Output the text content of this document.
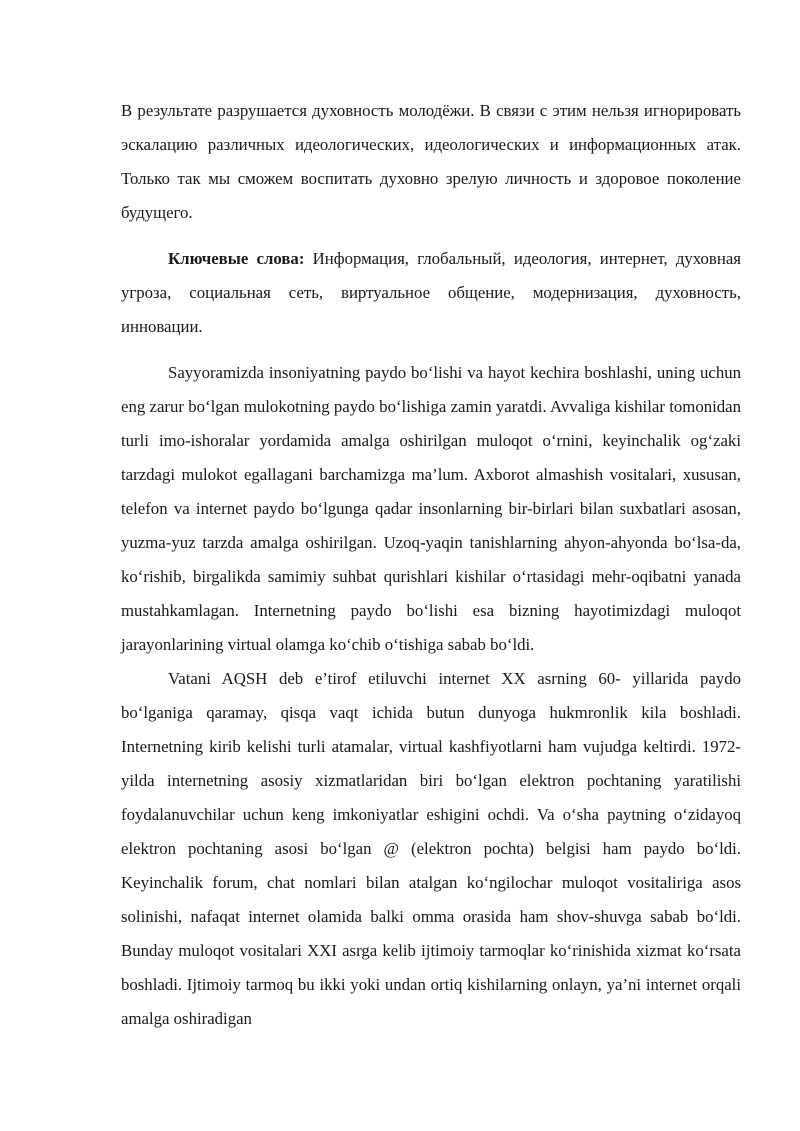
В результате разрушается духовность молодёжи. В связи с этим нельзя игнорировать эскалацию различных идеологических, идеологических и информационных атак. Только так мы сможем воспитать духовно зрелую личность и здоровое поколение будущего.

Ключевые слова: Информация, глобальный, идеология, интернет, духовная угроза, социальная сеть, виртуальное общение, модернизация, духовность, инновации.

Sayyoramizda insoniyatning paydo bo‘lishi va hayot kechira boshlashi, uning uchun eng zarur bo‘lgan mulokotning paydo bo‘lishiga zamin yaratdi. Avvaliga kishilar tomonidan turli imo-ishoralar yordamida amalga oshirilgan muloqot o‘rnini, keyinchalik og‘zaki tarzdagi mulokot egallagani barchamizga ma’lum. Axborot almashish vositalari, xususan, telefon va internet paydo bo‘lgunga qadar insonlarning bir-birlari bilan suxbatlari asosan, yuzma-yuz tarzda amalga oshirilgan. Uzoq-yaqin tanishlarning ahyon-ahyonda bo‘lsa-da, ko‘rishib, birgalikda samimiy suhbat qurishlari kishilar o‘rtasidagi mehr-oqibatni yanada mustahkamlagan. Internetning paydo bo‘lishi esa bizning hayotimizdagi muloqot jarayonlarining virtual olamga ko‘chib o‘tishiga sabab bo‘ldi.

Vatani AQSH deb e’tirof etiluvchi internet XX asrning 60- yillarida paydo bo‘lganiga qaramay, qisqa vaqt ichida butun dunyoga hukmronlik kila boshladi. Internetning kirib kelishi turli atamalar, virtual kashfiyotlarni ham vujudga keltirdi. 1972-yilda internetning asosiy xizmatlaridan biri bo‘lgan elektron pochtaning yaratilishi foydalanuvchilar uchun keng imkoniyatlar eshigini ochdi. Va o‘sha paytning o‘zidayoq elektron pochtaning asosi bo‘lgan @ (elektron pochta) belgisi ham paydo bo‘ldi. Keyinchalik forum, chat nomlari bilan atalgan ko‘ngilochar muloqot vositaliriga asos solinishi, nafaqat internet olamida balki omma orasida ham shov-shuvga sabab bo‘ldi. Bunday muloqot vositalari XXI asrga kelib ijtimoiy tarmoqlar ko‘rinishida xizmat ko‘rsata boshladi. Ijtimoiy tarmoq bu ikki yoki undan ortiq kishilarning onlayn, ya’ni internet orqali amalga oshiradigan
